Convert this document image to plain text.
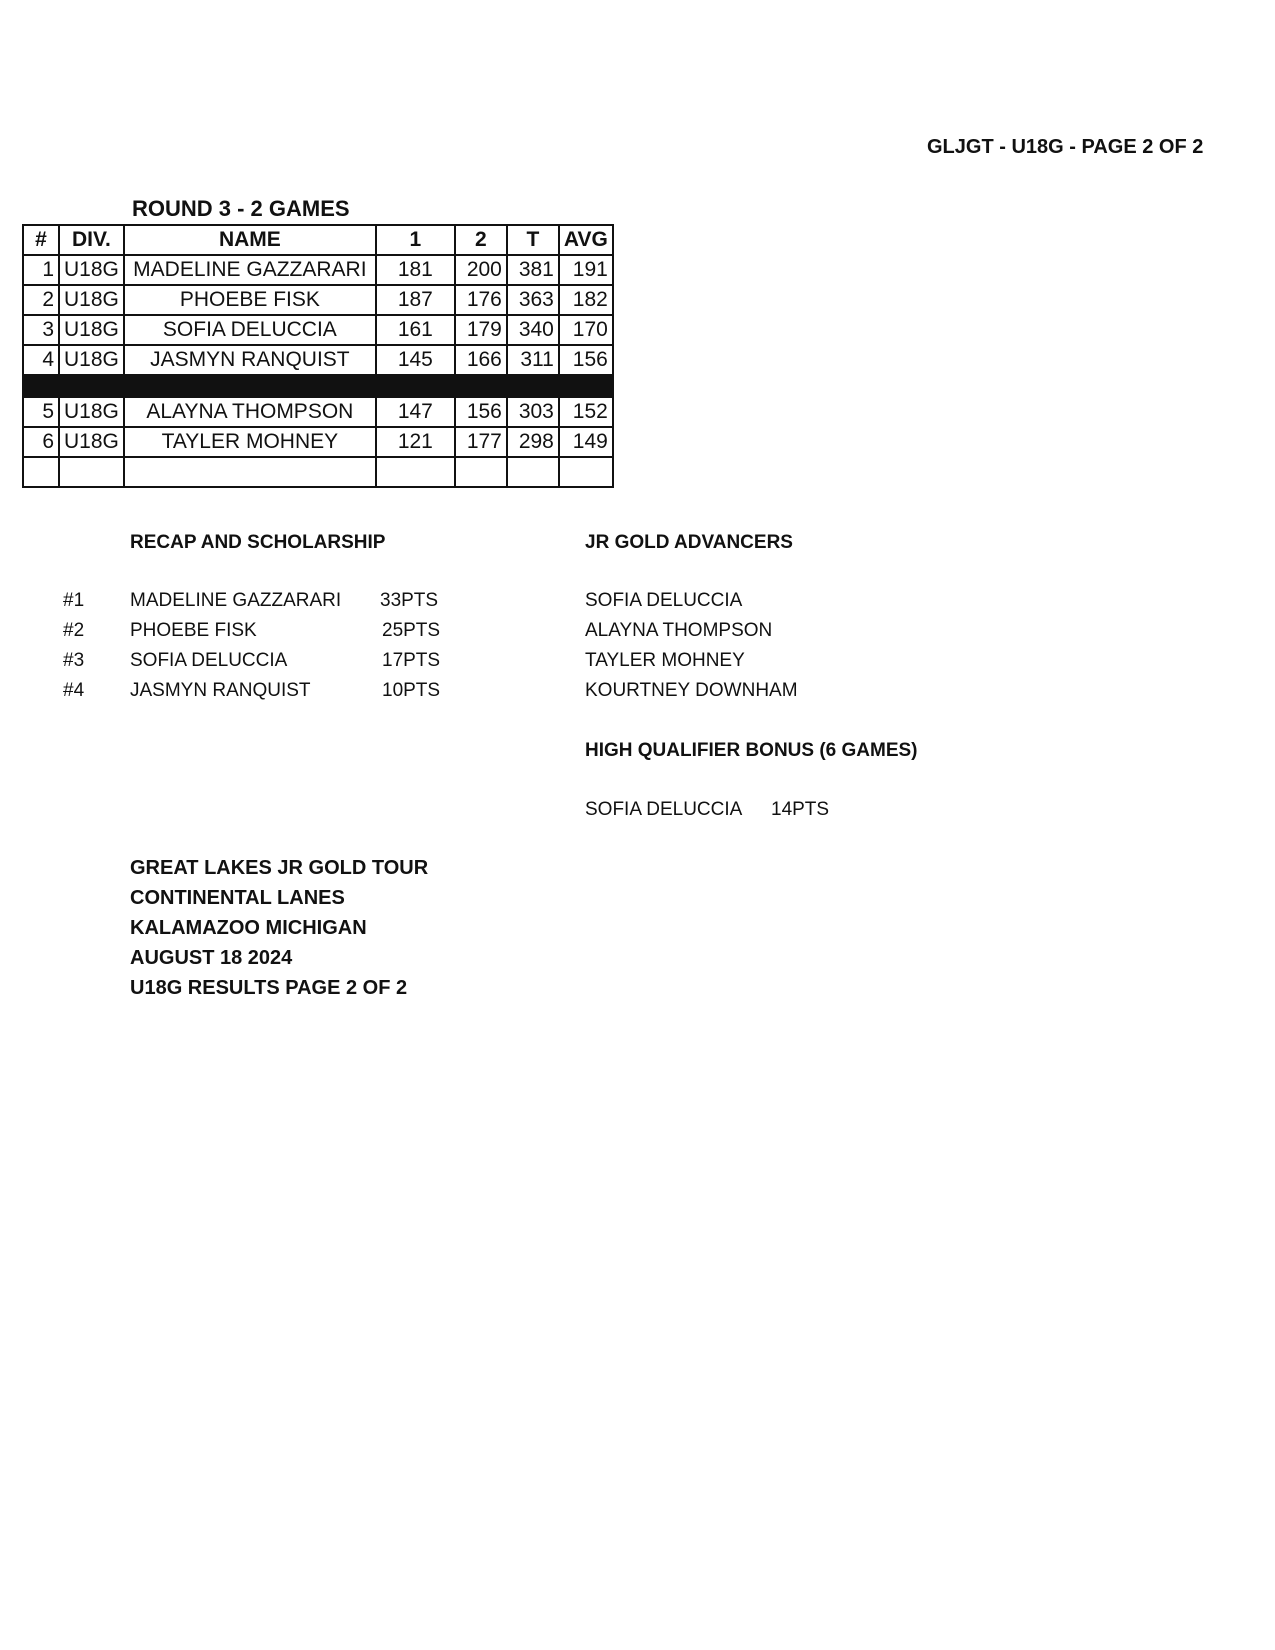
GLJGT - U18G - PAGE 2 OF 2
ROUND 3 - 2 GAMES
#	DIV.	NAME	1	2	T	AVG
1	U18G	MADELINE GAZZARARI	181	200	381	191
2	U18G	PHOEBE FISK	187	176	363	182
3	U18G	SOFIA DELUCCIA	161	179	340	170
4	U18G	JASMYN RANQUIST	145	166	311	156

5	U18G	ALAYNA THOMPSON	147	156	303	152
6	U18G	TAYLER MOHNEY	121	177	298	149

RECAP AND SCHOLARSHIP
#1 MADELINE GAZZARARI 33PTS
#2 PHOEBE FISK	25PTS
#3 SOFIA DELUCCIA	17PTS
#4 JASMYN RANQUIST	10PTS
JR GOLD ADVANCERS
SOFIA DELUCCIA
ALAYNA THOMPSON
TAYLER MOHNEY
KOURTNEY DOWNHAM
HIGH QUALIFIER BONUS (6 GAMES)
SOFIA DELUCCIA 14PTS
GREAT LAKES JR GOLD TOUR
CONTINENTAL LANES
KALAMAZOO MICHIGAN
AUGUST 18 2024
U18G RESULTS PAGE 2 OF 2
